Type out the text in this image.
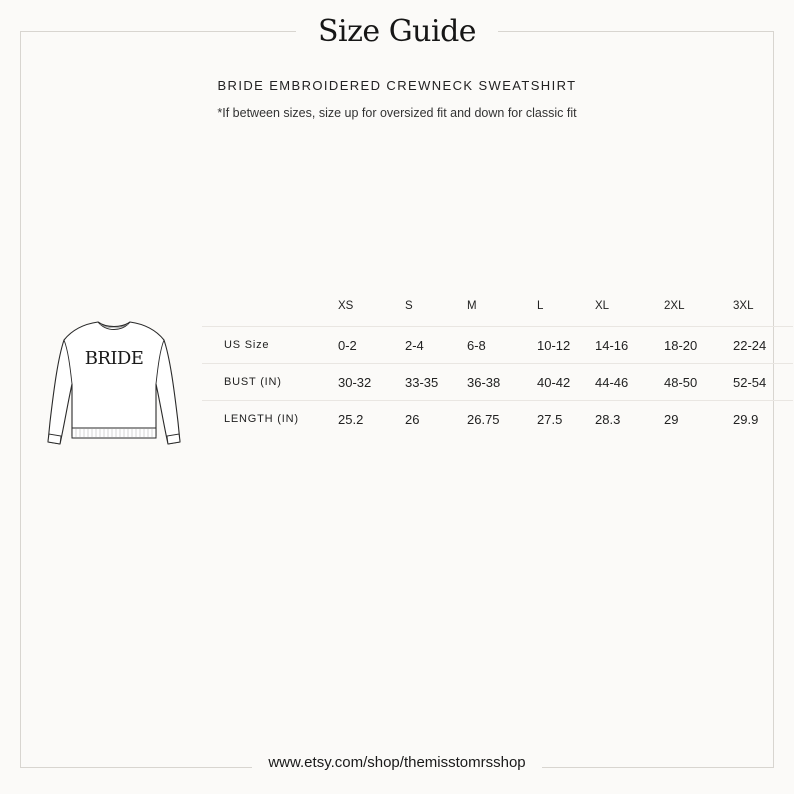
Size Guide
BRIDE EMBROIDERED CREWNECK SWEATSHIRT
*If between sizes, size up for oversized fit and down for classic fit
BRIDE
	XS	S	M	L	XL	2XL	3XL
US Size	0-2	2-4	6-8	10-12	14-16	18-20	22-24
BUST (IN)	30-32	33-35	36-38	40-42	44-46	48-50	52-54
LENGTH (IN)	25.2	26	26.75	27.5	28.3	29	29.9
www.etsy.com/shop/themisstomrsshop
